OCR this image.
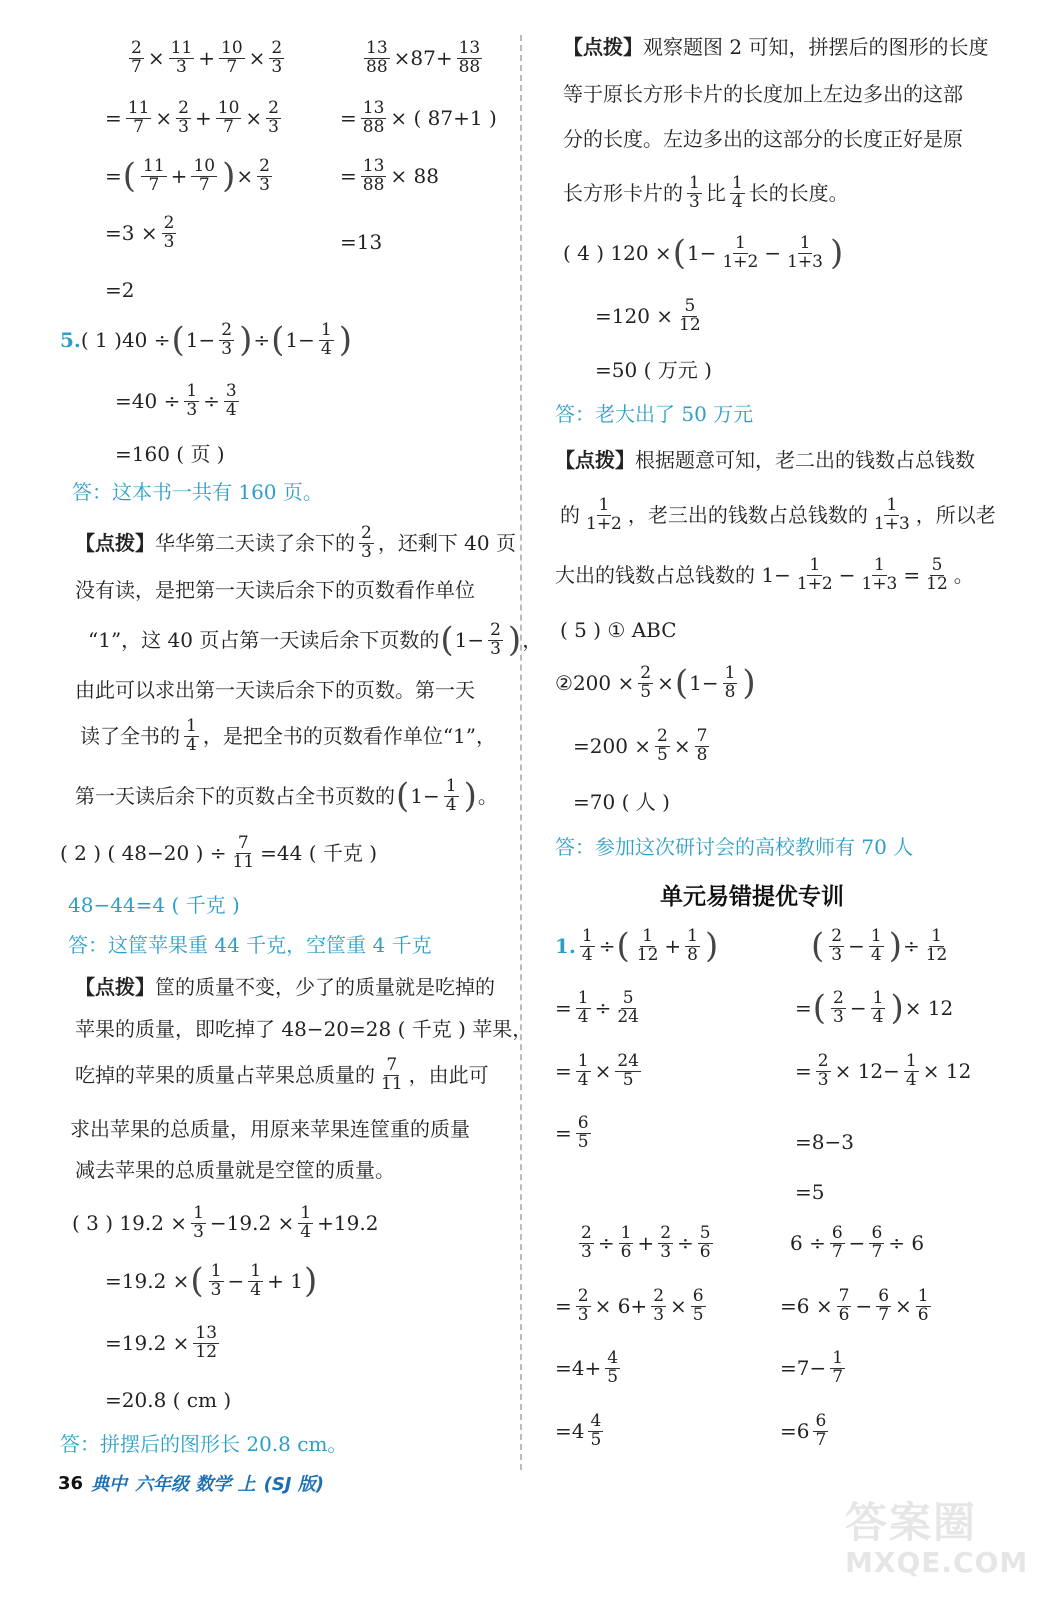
$\frac{2}{7} \times \frac{11}{3} + \frac{10}{7} \times \frac{2}{3}$	$\frac{13}{88} \times 87+ \frac{13}{88}$
= $\frac{11}{7} \times \frac{2}{3} + \frac{10}{7} \times \frac{2}{3}$	= $\frac{13}{88}$ × ( 87+1 )
= ( $\frac{11}{7} + \frac{10}{7}$ ) × $\frac{2}{3}$	= $\frac{13}{88} \times 88$
$=3 \times \frac{2}{3}$	=13
=2
5. ( 1 ) 40 ÷ ( $1- \frac{2}{3}$ ) ÷ ( $1- \frac{1}{4}$ )
$=40 \div \frac{1}{3} \div \frac{3}{4}$
=160 ( 页 )
答： 这本书一共有 160 页。
【点拨】 华华第二天读了余下的 $\frac{2}{3}$ ，还剩下 40 页
没有读，是把第一天读后余下的页数看作单位
“1”，这 40 页占第一天读后余下页数的 ( $1- \frac{2}{3}$ ) ，
由此可以求出第一天读后余下的页数。第一天
读了全书的 $\frac{1}{4}$ ，是把全书的页数看作单位“1”，
第一天读后余下的页数占全书页数的 ( $1- \frac{1}{4}$ ) 。
( 2 ) ( 48−20 ) ÷ $\frac{7}{11} =44$ ( 千克 )
48−44=4 ( 千克 )
答： 这筐苹果重 44 千克，空筐重 4 千克
【点拨】 筐的质量不变，少了的质量就是吃掉的
苹果的质量，即吃掉了 48−20=28 ( 千克 ) 苹果，
吃掉的苹果的质量占苹果总质量的 $\frac{7}{11}$ ，由此可
求出苹果的总质量，用原来苹果连筐重的质量
减去苹果的总质量就是空筐的质量。
( 3 ) $19.2 \times \frac{1}{3} -19.2 \times \frac{1}{4} +19.2$
=19.2 × ( $\frac{1}{3} - \frac{1}{4} + 1$ )
$=19.2 \times \frac{13}{12}$
=20.8 ( cm )
答： 拼摆后的图形长 20.8 cm。
【点拨】 观察题图 2 可知，拼摆后的图形的长度
等于原长方形卡片的长度加上左边多出的这部
分的长度。左边多出的这部分的长度正好是原
长方形卡片的 $\frac{1}{3}$ 比 $\frac{1}{4}$ 长的长度。
( 4 ) 120 × ( $1- \frac{1}{1+2} - \frac{1}{1+3}$ )
$=120 \times \frac{5}{12}$
=50 ( 万元 )
答： 老大出了 50 万元
【点拨】 根据题意可知，老二出的钱数占总钱数
的 $\frac{1}{1+2}$ ，老三出的钱数占总钱数的 $\frac{1}{1+3}$ ，所以老
大出的钱数占总钱数的 $1- \frac{1}{1+2} - \frac{1}{1+3} = \frac{5}{12}$ 。
( 5 ) ① ABC
② $200 \times \frac{2}{5}$ × ( $1- \frac{1}{8}$ )
$=200 \times \frac{2}{5} \times \frac{7}{8}$
=70 ( 人 )
答： 参加这次研讨会的高校教师有 70 人
1. $\frac{1}{4}$ ÷ ( $\frac{1}{12} + \frac{1}{8}$ )	( $\frac{2}{3} - \frac{1}{4}$ ) ÷ $\frac{1}{12}$
= $\frac{1}{4} \div \frac{5}{24}$	= ( $\frac{2}{3} - \frac{1}{4}$ ) × 12
= $\frac{1}{4} \times \frac{24}{5}$	= $\frac{2}{3} \times 12- \frac{1}{4} \times 12$
= $\frac{6}{5}$	=8−3
=5
$\frac{2}{3} \div \frac{1}{6} + \frac{2}{3} \div \frac{5}{6}$	$6 \div \frac{6}{7} - \frac{6}{7} \div 6$
= $\frac{2}{3} \times 6+ \frac{2}{3} \times \frac{6}{5}$	$=6 \times \frac{7}{6} - \frac{6}{7} \times \frac{1}{6}$
$=4+ \frac{4}{5}$	$=7- \frac{1}{7}$
$=4 \frac{4}{5}$	$=6 \frac{6}{7}$
单元易错提优专训
36 典中 六年级 数学 上 (SJ 版)
答案圈
MXQE.COM
